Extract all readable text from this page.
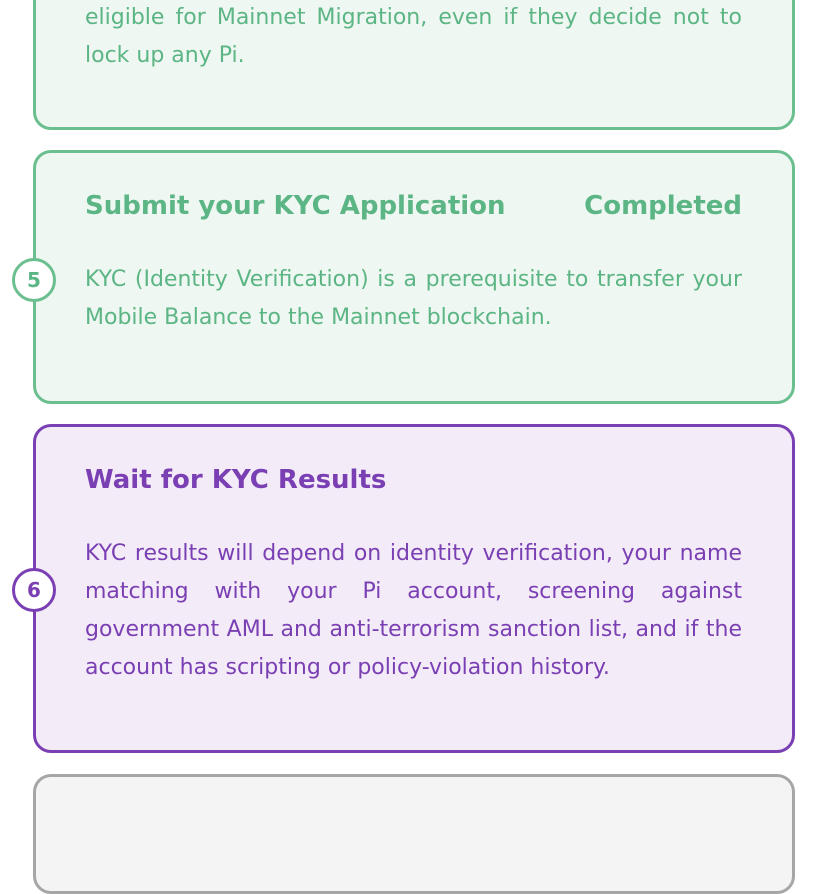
eligible for Mainnet Migration, even if they decide not to lock up any Pi.

Submit your KYC Application	Completed
5	KYC (Identity Verification) is a prerequisite to transfer your Mobile Balance to the Mainnet blockchain.

Wait for KYC Results
6

KYC results will depend on identity verification, your name matching with your Pi account, screening against government AML and anti-terrorism sanction list, and if the account has scripting or policy-violation history.
